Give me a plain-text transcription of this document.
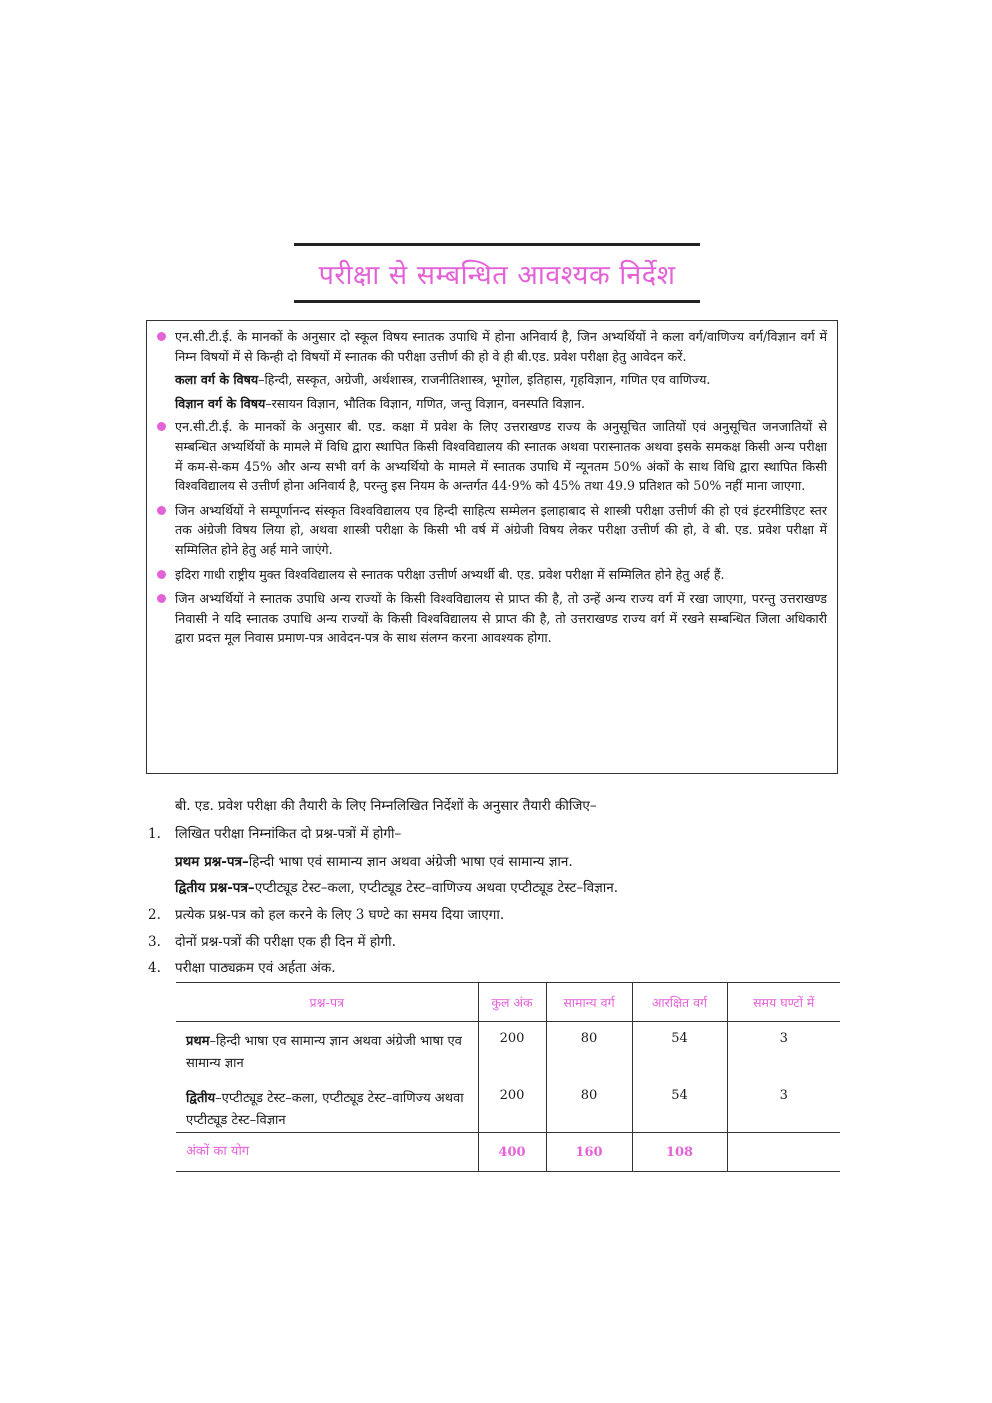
परीक्षा से सम्बन्धित आवश्यक निर्देश

एन.सी.टी.ई. के मानकों के अनुसार दो स्कूल विषय स्नातक उपाधि में होना अनिवार्य है, जिन अभ्यर्थियों ने कला वर्ग/वाणिज्य वर्ग/विज्ञान वर्ग में निम्न विषयों में से किन्ही दो विषयों में स्नातक की परीक्षा उत्तीर्ण की हो वे ही बी.एड. प्रवेश परीक्षा हेतु आवेदन करें.

कला वर्ग के विषय–हिन्दी, सस्कृत, अग्रेजी, अर्थशास्त्र, राजनीतिशास्त्र, भूगोल, इतिहास, गृहविज्ञान, गणित एव वाणिज्य.

विज्ञान वर्ग के विषय–रसायन विज्ञान, भौतिक विज्ञान, गणित, जन्तु विज्ञान, वनस्पति विज्ञान.

एन.सी.टी.ई. के मानकों के अनुसार बी. एड. कक्षा में प्रवेश के लिए उत्तराखण्ड राज्य के अनुसूचित जातियों एवं अनुसूचित जनजातियों से सम्बन्धित अभ्यर्थियों के मामले में विधि द्वारा स्थापित किसी विश्वविद्यालय की स्नातक अथवा परास्नातक अथवा इसके समकक्ष किसी अन्य परीक्षा में कम-से-कम 45% और अन्य सभी वर्ग के अभ्यर्थियो के मामले में स्नातक उपाधि में न्यूनतम 50% अंकों के साथ विधि द्वारा स्थापित किसी विश्वविद्यालय से उत्तीर्ण होना अनिवार्य है, परन्तु इस नियम के अन्तर्गत 44·9% को 45% तथा 49.9 प्रतिशत को 50% नहीं माना जाएगा.

जिन अभ्यर्थियों ने सम्पूर्णानन्द संस्कृत विश्वविद्यालय एव हिन्दी साहित्य सम्मेलन इलाहाबाद से शास्त्री परीक्षा उत्तीर्ण की हो एवं इंटरमीडिएट स्तर तक अंग्रेजी विषय लिया हो, अथवा शास्त्री परीक्षा के किसी भी वर्ष में अंग्रेजी विषय लेकर परीक्षा उत्तीर्ण की हो, वे बी. एड. प्रवेश परीक्षा में सम्मिलित होने हेतु अर्ह माने जाएंगे.

इदिरा गाधी राष्ट्रीय मुक्त विश्वविद्यालय से स्नातक परीक्षा उत्तीर्ण अभ्यर्थी बी. एड. प्रवेश परीक्षा में सम्मिलित होने हेतु अर्ह हैं.

जिन अभ्यर्थियों ने स्नातक उपाधि अन्य राज्यों के किसी विश्वविद्यालय से प्राप्त की है, तो उन्हें अन्य राज्य वर्ग में रखा जाएगा, परन्तु उत्तराखण्ड निवासी ने यदि स्नातक उपाधि अन्य राज्यों के किसी विश्वविद्यालय से प्राप्त की है, तो उत्तराखण्ड राज्य वर्ग में रखने सम्बन्धित जिला अधिकारी द्वारा प्रदत्त मूल निवास प्रमाण-पत्र आवेदन-पत्र के साथ संलग्न करना आवश्यक होगा.

बी. एड. प्रवेश परीक्षा की तैयारी के लिए निम्नलिखित निर्देशों के अनुसार तैयारी कीजिए–
1. लिखित परीक्षा निम्नांकित दो प्रश्न-पत्रों में होगी–
प्रथम प्रश्न-पत्र–हिन्दी भाषा एवं सामान्य ज्ञान अथवा अंग्रेजी भाषा एवं सामान्य ज्ञान.
द्वितीय प्रश्न-पत्र–एप्टीट्यूड टेस्ट–कला, एप्टीट्यूड टेस्ट–वाणिज्य अथवा एप्टीट्यूड टेस्ट–विज्ञान.
2. प्रत्येक प्रश्न-पत्र को हल करने के लिए 3 घण्टे का समय दिया जाएगा.
3. दोनों प्रश्न-पत्रों की परीक्षा एक ही दिन में होगी.
4. परीक्षा पाठ्यक्रम एवं अर्हता अंक.
प्रश्न-पत्र	कुल अंक	सामान्य वर्ग	आरक्षित वर्ग	समय घण्टों में
प्रथम–हिन्दी भाषा एव सामान्य ज्ञान अथवा अंग्रेजी भाषा एव सामान्य ज्ञान	200	80	54	3
द्वितीय–एप्टीट्यूड टेस्ट–कला, एप्टीट्यूड टेस्ट–वाणिज्य अथवा एप्टीट्यूड टेस्ट–विज्ञान	200	80	54	3
अंकों का योग	400	160	108	
